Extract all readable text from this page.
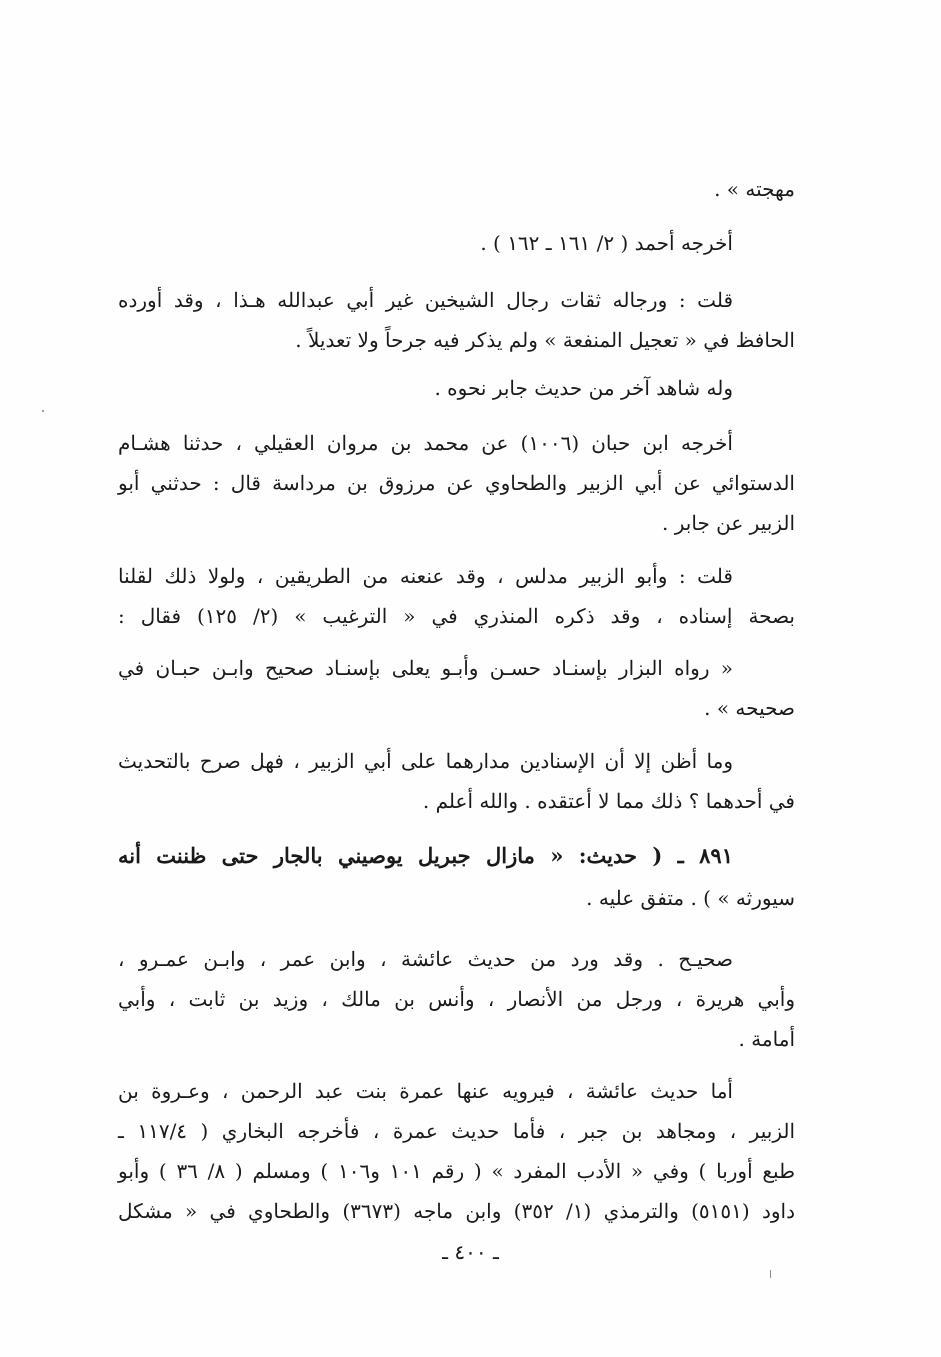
مهجته » .
أخرجه أحمد ( ٢/ ١٦١ ـ ١٦٢ ) .
قلت : ورجاله ثقات رجال الشيخين غير أبي عبدالله هـذا ، وقد أورده
الحافظ في « تعجيل المنفعة » ولم يذكر فيه جرحاً ولا تعديلاً .
وله شاهد آخر من حديث جابر نحوه .
أخرجه ابن حبان (١٠٠٦) عن محمد بن مروان العقيلي ، حدثنا هشـام
الدستوائي عن أبي الزبير والطحاوي عن مرزوق بن مرداسة قال : حدثني أبو
الزبير عن جابر .
قلت : وأبو الزبير مدلس ، وقد عنعنه من الطريقين ، ولولا ذلك لقلنا
بصحة إسناده ، وقد ذكره المنذري في « الترغيب » (٢/ ١٢٥) فقال :
« رواه البزار بإسنـاد حسـن وأبـو يعلى بإسنـاد صحيح وابـن حبـان في
صحيحه » .
وما أظن إلا أن الإسنادين مدارهما على أبي الزبير ، فهل صرح بالتحديث
في أحدهما ؟ ذلك مما لا أعتقده . والله أعلم .
٨٩١ ـ ( حديث: « مازال جبريل يوصيني بالجار حتى ظننت أنه
سيورثه » ) . متفق عليه .
صحيـح . وقد ورد من حديث عائشة ، وابن عمر ، وابـن عمـرو ،
وأبي هريرة ، ورجل من الأنصار ، وأنس بن مالك ، وزيد بن ثابت ، وأبي
أمامة .
أما حديث عائشة ، فيرويه عنها عمرة بنت عبد الرحمن ، وعـروة بن
الزبير ، ومجاهد بن جبر ، فأما حديث عمرة ، فأخرجه البخاري ( ١١٧/٤ ـ
طبع أوربا ) وفي « الأدب المفرد » ( رقم ١٠١ و١٠٦ ) ومسلم ( ٨/ ٣٦ ) وأبو
داود (٥١٥١) والترمذي (١/ ٣٥٢) وابن ماجه (٣٦٧٣) والطحاوي في « مشكل
ـ ٤٠٠ ـ
